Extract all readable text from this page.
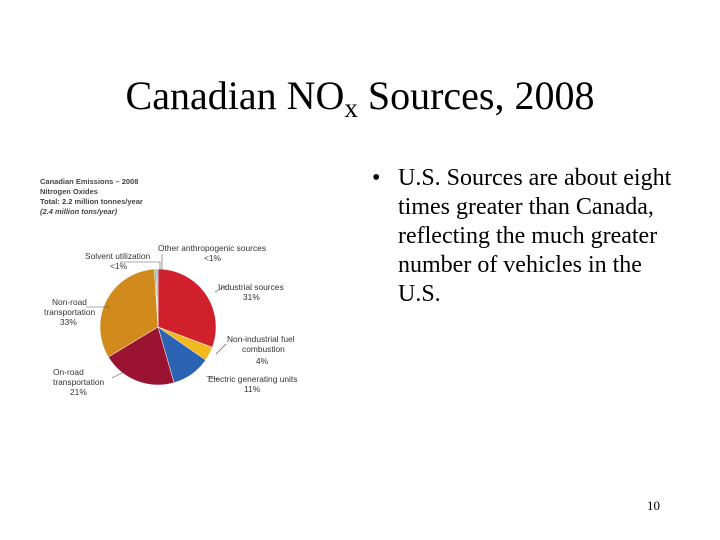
Canadian $NO_x$ Sources, 2008
Canadian Emissions – 2008
Nitrogen Oxides
Total: 2.2 million tonnes/year
(2.4 million tons/year)
Solvent utilization
<1%
Other anthropogenic sources
<1%
Industrial sources
31%
Non-industrial fuel
combustion
4%
Electric generating units
11%
On-road
transportation
21%
Non-road
transportation
33%
• U.S. Sources are about eight times greater than Canada, reflecting the much greater number of vehicles in the U.S.
10
